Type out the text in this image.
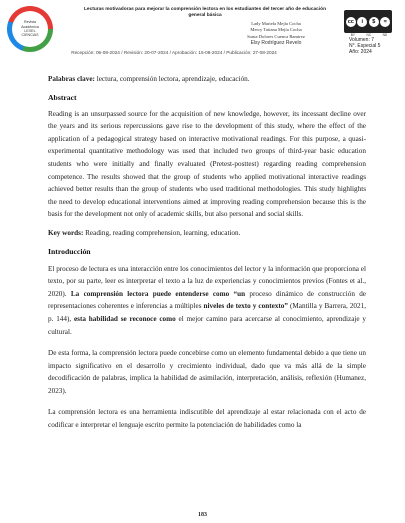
Revista
Académica
LEXEL
CIENCIAS
Lecturas motivadoras para mejorar la comprensión lectora en los estudiantes del tercer año de educación general básica
Lady Mariela Mejía Cocha
Mercy Tatiana Mejía Cocha
Sonia Dolores Cuenca Ramirez
Elsy Rodríguez Revelo
cc	i	$	=
BY	NC	ND
Volumen: 7
N°. Especial 5
Año: 2024
Recepción: 06-08-2024 / Revisión: 20-07-2024 / Aprobación: 15-08-2024 / Publicación: 27-08-2024

Palabras clave: lectura, comprensión lectora, aprendizaje, educación.

Abstract

Reading is an unsurpassed source for the acquisition of new knowledge, however, its incessant decline over the years and its serious repercussions gave rise to the development of this study, where the effect of the application of a pedagogical strategy based on interactive motivational readings. For this purpose, a quasi-experimental quantitative methodology was used that included two groups of third-year basic education students who were initially and finally evaluated (Pretest-posttest) regarding reading comprehension competence. The results showed that the group of students who applied motivational interactive readings achieved better results than the group of students who used traditional methodologies. This study highlights the need to develop educational interventions aimed at improving reading comprehension because this is the basis for the development not only of academic skills, but also personal and social skills.

Key words: Reading, reading comprehension, learning, education.

Introducción

El proceso de lectura es una interacción entre los conocimientos del lector y la información que proporciona el texto, por su parte, leer es interpretar el texto a la luz de experiencias y conocimientos previos (Fontes et al., 2020). La comprensión lectora puede entenderse como “un proceso dinámico de construcción de representaciones coherentes e inferencias a múltiples niveles de texto y contexto” (Mantilla y Barrera, 2021, p. 144), esta habilidad se reconoce como el mejor camino para acercarse al conocimiento, aprendizaje y cultural.

De esta forma, la comprensión lectora puede concebirse como un elemento fundamental debido a que tiene un impacto significativo en el desarrollo y crecimiento individual, dado que va más allá de la simple decodificación de palabras, implica la habilidad de asimilación, interpretación, análisis, reflexión (Humanez, 2023).

La comprensión lectora es una herramienta indiscutible del aprendizaje al estar relacionada con el acto de codificar e interpretar el lenguaje escrito permite la potenciación de habilidades como la

183
